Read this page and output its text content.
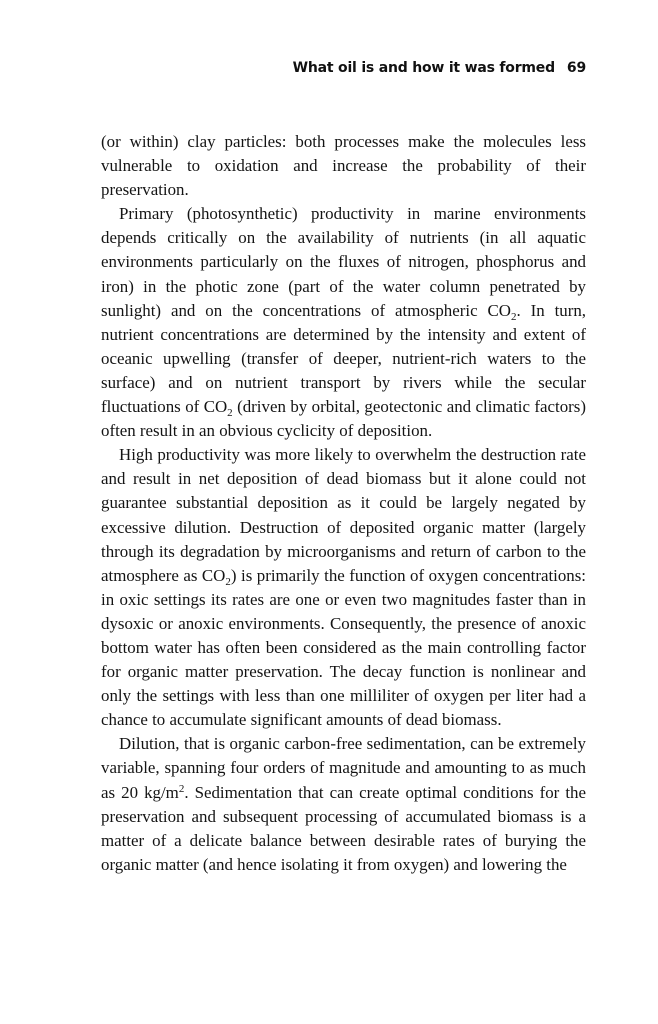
What oil is and how it was formed 69

(or within) clay particles: both processes make the molecules less vulnerable to oxidation and increase the probability of their preservation.

Primary (photosynthetic) productivity in marine environments depends critically on the availability of nutrients (in all aquatic environments particularly on the fluxes of nitrogen, phosphorus and iron) in the photic zone (part of the water column penetrated by sunlight) and on the concentrations of atmospheric $CO_2$. In turn, nutrient concentrations are determined by the intensity and extent of oceanic upwelling (transfer of deeper, nutrient-rich waters to the surface) and on nutrient transport by rivers while the secular fluctuations of $CO_2$ (driven by orbital, geotectonic and climatic factors) often result in an obvious cyclicity of deposition.

High productivity was more likely to overwhelm the destruction rate and result in net deposition of dead biomass but it alone could not guarantee substantial deposition as it could be largely negated by excessive dilution. Destruction of deposited organic matter (largely through its degradation by microorganisms and return of carbon to the atmosphere as $CO_2$) is primarily the function of oxygen concentrations: in oxic settings its rates are one or even two magnitudes faster than in dysoxic or anoxic environments. Consequently, the presence of anoxic bottom water has often been considered as the main controlling factor for organic matter preservation. The decay function is nonlinear and only the settings with less than one milliliter of oxygen per liter had a chance to accumulate significant amounts of dead biomass.

Dilution, that is organic carbon-free sedimentation, can be extremely variable, spanning four orders of magnitude and amounting to as much as 20 $kg/m^2$. Sedimentation that can create optimal conditions for the preservation and subsequent processing of accumulated biomass is a matter of a delicate balance between desirable rates of burying the organic matter (and hence isolating it from oxygen) and lowering the
